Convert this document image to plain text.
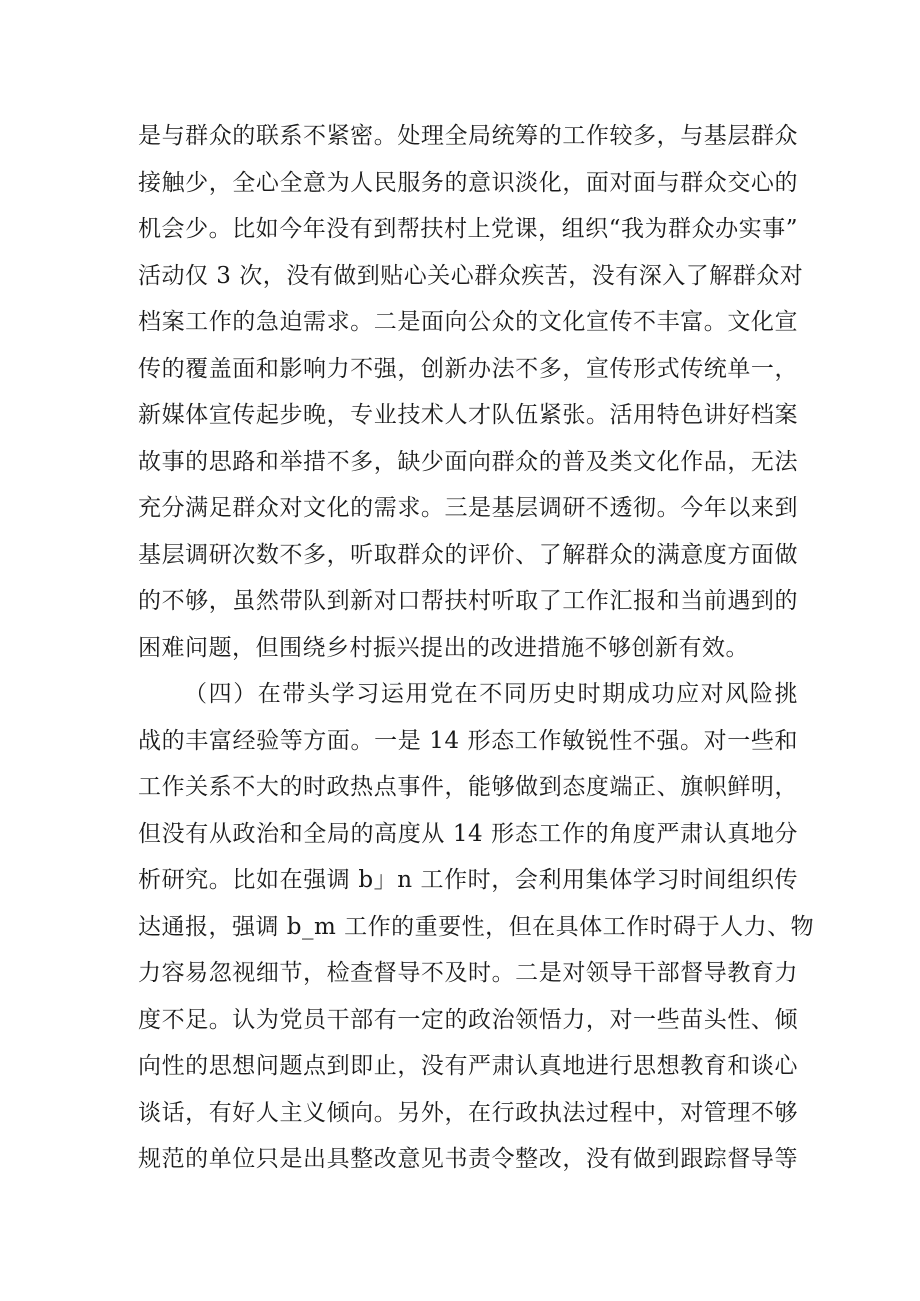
是与群众的联系不紧密。处理全局统筹的工作较多，与基层群众
接触少，全心全意为人民服务的意识淡化，面对面与群众交心的
机会少。比如今年没有到帮扶村上党课，组织“我为群众办实事”
活动仅 3 次，没有做到贴心关心群众疾苦，没有深入了解群众对
档案工作的急迫需求。二是面向公众的文化宣传不丰富。文化宣
传的覆盖面和影响力不强，创新办法不多，宣传形式传统单一，
新媒体宣传起步晚，专业技术人才队伍紧张。活用特色讲好档案
故事的思路和举措不多，缺少面向群众的普及类文化作品，无法
充分满足群众对文化的需求。三是基层调研不透彻。今年以来到
基层调研次数不多，听取群众的评价、了解群众的满意度方面做
的不够，虽然带队到新对口帮扶村听取了工作汇报和当前遇到的
困难问题，但围绕乡村振兴提出的改进措施不够创新有效。
（四）在带头学习运用党在不同历史时期成功应对风险挑
战的丰富经验等方面。一是 14 形态工作敏锐性不强。对一些和
工作关系不大的时政热点事件，能够做到态度端正、旗帜鲜明，
但没有从政治和全局的高度从 14 形态工作的角度严肃认真地分
析研究。比如在强调 b」n 工作时，会利用集体学习时间组织传
达通报，强调 b_m 工作的重要性，但在具体工作时碍于人力、物
力容易忽视细节，检查督导不及时。二是对领导干部督导教育力
度不足。认为党员干部有一定的政治领悟力，对一些苗头性、倾
向性的思想问题点到即止，没有严肃认真地进行思想教育和谈心
谈话，有好人主义倾向。另外，在行政执法过程中，对管理不够
规范的单位只是出具整改意见书责令整改，没有做到跟踪督导等
